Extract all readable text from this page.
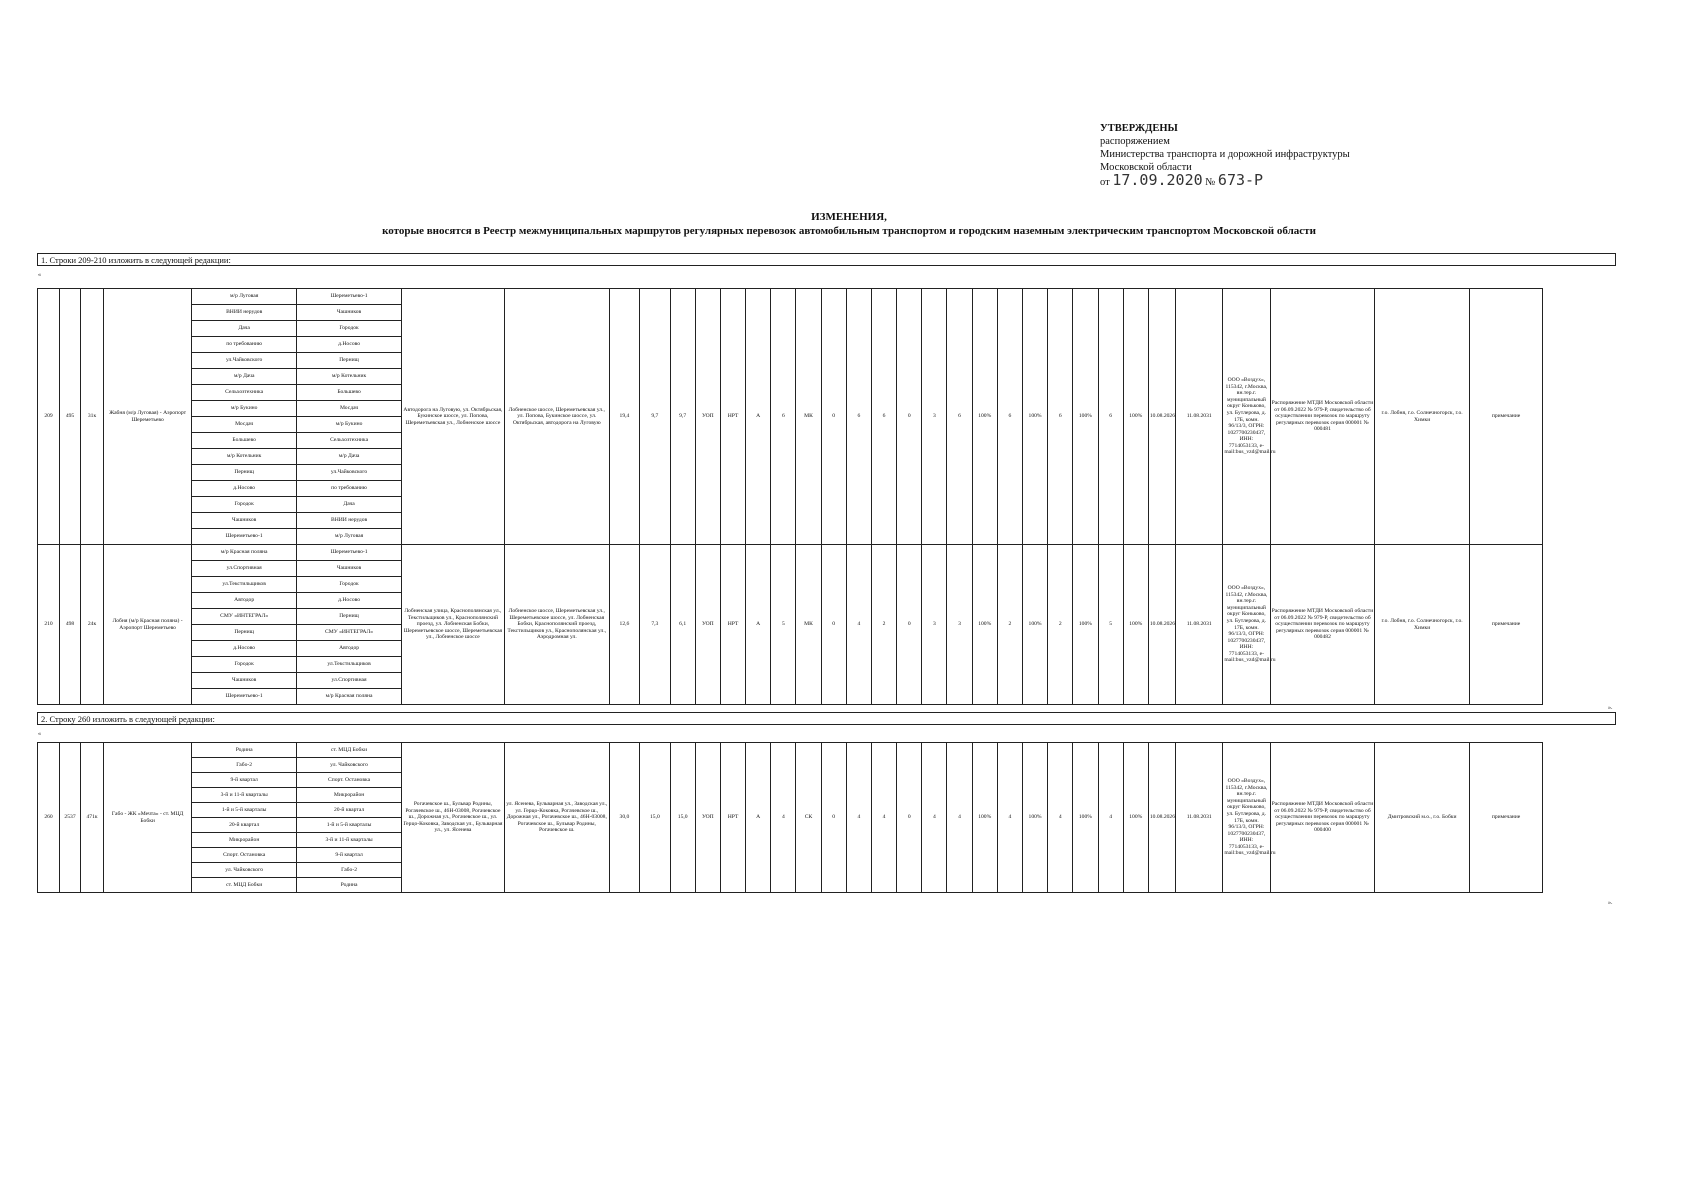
УТВЕРЖДЕНЫ
распоряжением
Министерства транспорта и дорожной инфраструктуры
Московской области
от 17.09.2020 № 673-Р
ИЗМЕНЕНИЯ,
которые вносятся в Реестр межмуниципальных маршрутов регулярных перевозок автомобильным транспортом и городским наземным электрическим транспортом Московской области
1. Строки 209-210 изложить в следующей редакции:
«
209	495	31к	Жабня (м/р Луговая) - Аэропорт Шереметьево	м/р Луговая	Шереметьево-1	Автодорога на Луговую, ул. Октябрьская, Букинское шоссе, ул. Попова, Шереметьевская ул., Лобненское шоссе	Лобненское шоссе, Шереметьевская ул., ул. Попова, Букинское шоссе, ул. Октябрьская, автодорога на Луговую	19,4	9,7	9,7	УОП	НРТ	А	6	МК	0	6	6	0	3	6	100%	6	100%	6	100%	6	100%	10.08.2026	11.08.2031	ООО «Воздух», 115342, г.Москва, вн.тер.г. муниципальный округ Коньково, ул. Бутлерова, д. 17Б, комн. 96/13/3, ОГРН: 1027700230437, ИНН: 7714053133, e-mail:bus_vzd@mail.ru	Распоряжение МТДИ Московской области от 06.09.2022 № 979-Р, свидетельство об осуществлении перевозок по маршруту регулярных перевозок серия 000001 № 000481	г.о. Лобня, г.о. Солнечногорск, г.о. Химки	примечание
				ВНИИ нерудов	Чашников																													
				Дача	Городок																													
				по требованию	д.Носово																													
				ул.Чайковского	Пернищ																													
				м/р Дача	м/р Котельник																													
				Сельхозтехника	Большево																													
				м/р Букино	Мосдач																													
				Мосдач	м/р Букино																													
				Большево	Сельхозтехника																													
				м/р Котельник	м/р Дача																													
				Пернищ	ул.Чайковского																													
				д.Носово	по требованию																													
				Городок	Дача																													
				Чашников	ВНИИ нерудов																													
				Шереметьево-1	м/р Луговая																													
210	498	24к	Лобня (м/р Красная поляна) - Аэропорт Шереметьево	м/р Красная поляна	Шереметьево-1	Лобненская улица, Краснополянская ул., Текстильщиков ул., Краснополянский проезд, ул. Лобненская Бобки, Шереметьевское шоссе, Шереметьевская ул., Лобненское шоссе	Лобненское шоссе, Шереметьевская ул., Шереметьевское шоссе, ул. Лобненская Бобки, Краснополянский проезд, Текстильщиков ул., Краснополянская ул., Аэродромная ул.	12,6	7,3	6,1	УОП	НРТ	А	5	МК	0	4	2	0	3	3	100%	2	100%	2	100%	5	100%	10.08.2026	11.08.2031	ООО «Воздух», 115342, г.Москва, вн.тер.г. муниципальный округ Коньково, ул. Бутлерова, д. 17Б, комн. 96/13/3, ОГРН: 1027700230437, ИНН: 7714053133, e-mail:bus_vzd@mail.ru	Распоряжение МТДИ Московской области от 06.09.2022 № 979-Р, свидетельство об осуществлении перевозок по маршруту регулярных перевозок серия 000001 № 000482	г.о. Лобня, г.о. Солнечногорск, г.о. Химки	примечание
				ул.Спортивная	Чашников																													
				ул.Текстильщиков	Городок																													
				Автодор	д.Носово																													
				СМУ «ИНТЕГРАЛ»	Пернищ																													
				Пернищ	СМУ «ИНТЕГРАЛ»																													
				д.Носово	Автодор																													
				Городок	ул.Текстильщиков																													
				Чашников	ул.Спортивная																													
				Шереметьево-1	м/р Красная поляна																													
».
2. Строку 260 изложить в следующей редакции:
«
260	2537	471к	Габо - ЖК «Мечта» - ст. МЦД Бобки	Родина	ст. МЦД Бобки	Рогачевское ш., Бульвар Родины, Рогачевское ш., 46Н-03008, Рогачевское ш., Дорожная ул., Рогачевское ш., ул. Герцо-Коковка, Заводская ул., Бульварная ул., ул. Ясенева	ул. Ясенева, Бульварная ул., Заводская ул., ул. Герцо-Коковка, Рогачевское ш., Дорожная ул., Рогачевское ш., 46Н-03008, Рогачевское ш., Бульвар Родины, Рогачевское ш.	30,0	15,0	15,0	УОП	НРТ	А	4	СК	0	4	4	0	4	4	100%	4	100%	4	100%	4	100%	10.08.2026	11.08.2031	ООО «Воздух», 115342, г.Москва, вн.тер.г. муниципальный округ Коньково, ул. Бутлерова, д. 17Б, комн. 96/13/3, ОГРН: 1027700230437, ИНН: 7714053133, e-mail:bus_vzd@mail.ru	Распоряжение МТДИ Московской области от 06.09.2022 № 979-Р, свидетельство об осуществлении перевозок по маршруту регулярных перевозок серия 000001 № 000400	Дмитровский м.о., г.о. Бобки	примечание
				Габо-2	ул. Чайковского																													
				9-й квартал	Спорт. Остановка																													
				3-й и 11-й кварталы	Микрорайон																													
				1-й и 5-й кварталы	20-й квартал																													
				20-й квартал	1-й и 5-й кварталы																													
				Микрорайон	3-й и 11-й кварталы																													
				Спорт. Остановка	9-й квартал																													
				ул. Чайковского	Габо-2																													
				ст. МЦД Бобки	Родина																													
».
